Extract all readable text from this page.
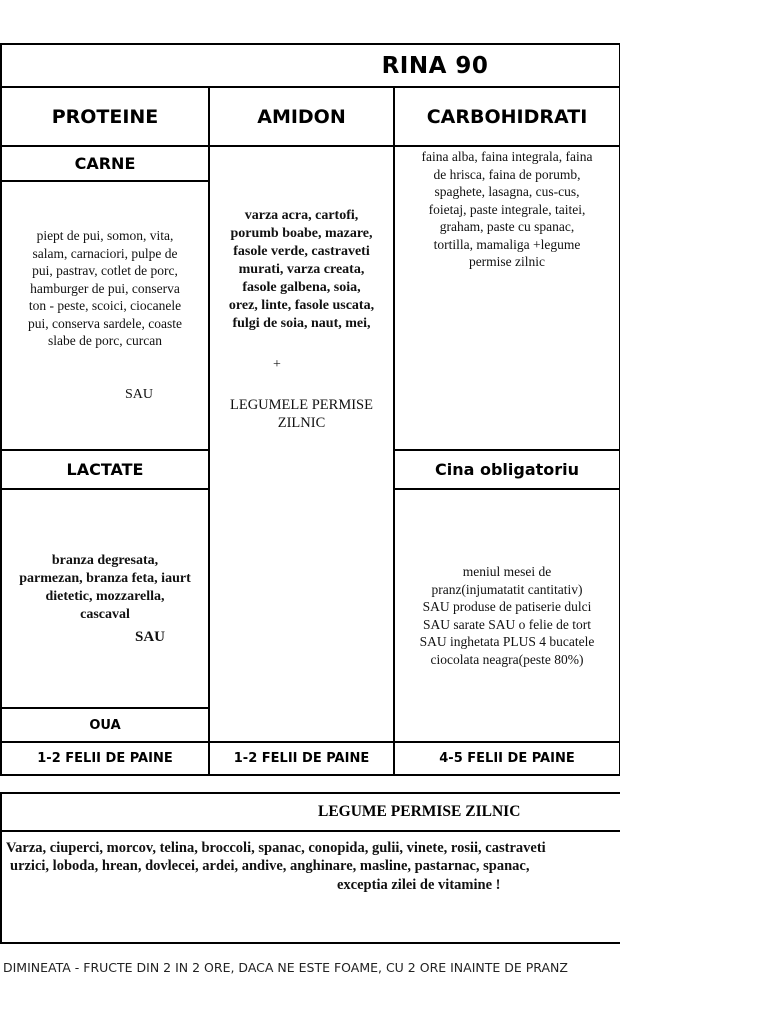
RINA 90
PROTEINE	AMIDON	CARBOHIDRATI
CARNE
piept de pui, somon, vita,
salam, carnaciori, pulpe de
pui, pastrav, cotlet de porc,
hamburger de pui, conserva
ton - peste, scoici, ciocanele
pui, conserva sardele, coaste
slabe de porc, curcan
SAU
LACTATE
branza degresata,
parmezan, branza feta, iaurt
dietetic, mozzarella,
cascaval
SAU
OUA
1-2 FELII DE PAINE
varza acra, cartofi,
porumb boabe, mazare,
fasole verde, castraveti
murati, varza creata,
fasole galbena, soia,
orez, linte, fasole uscata,
fulgi de soia, naut, mei,
+
LEGUMELE PERMISE
ZILNIC
1-2 FELII DE PAINE
faina alba, faina integrala, faina
de hrisca, faina de porumb,
spaghete, lasagna, cus-cus,
foietaj, paste integrale, taitei,
graham, paste cu spanac,
tortilla, mamaliga +legume
permise zilnic
Cina obligatoriu
meniul mesei de
pranz(injumatatit cantitativ)
SAU produse de patiserie dulci
SAU sarate SAU o felie de tort
SAU inghetata PLUS 4 bucatele
ciocolata neagra(peste 80%)
4-5 FELII DE PAINE
LEGUME PERMISE ZILNIC
Varza, ciuperci, morcov, telina, broccoli, spanac, conopida, gulii, vinete, rosii, castraveti
urzici, loboda, hrean, dovlecei, ardei, andive, anghinare, masline, pastarnac, spanac,
exceptia zilei de vitamine !
DIMINEATA - FRUCTE DIN 2 IN 2 ORE, DACA NE ESTE FOAME, CU 2 ORE INAINTE DE PRANZ
